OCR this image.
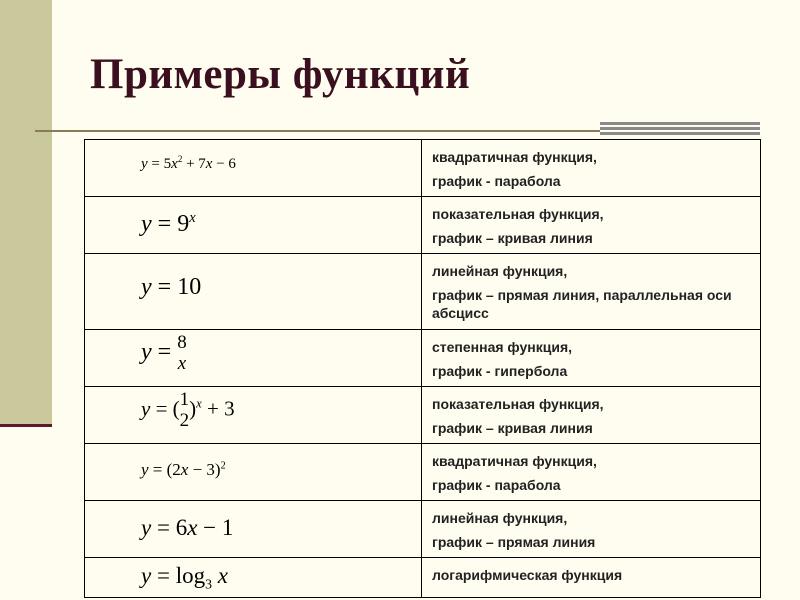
Примеры функций
$y = 5x^2 + 7x - 6$	квадратичная функция,
график - парабола

$y = 9^x$	показательная функция,
график – кривая линия

y = 10	линейная функция,
график – прямая линия, параллельная оси абсцисс

y = 8
x	степенная функция,
график - гипербола

y = ( 1
2
)$^x$ + 3	показательная функция,
график – кривая линия

$y = (2x - 3)^2$	квадратичная функция,
график - парабола

y = 6x − 1	линейная функция,
график – прямая линия

$y = \log_3 x$	логарифмическая функция
